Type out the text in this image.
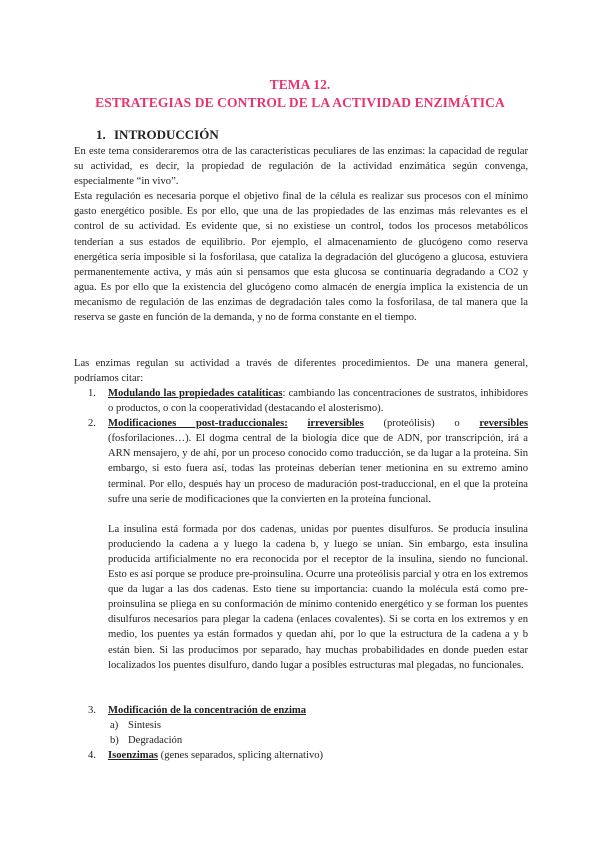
TEMA 12.
ESTRATEGIAS DE CONTROL DE LA ACTIVIDAD ENZIMÁTICA
1. INTRODUCCIÓN

En este tema consideraremos otra de las características peculiares de las enzimas: la capacidad de regular su actividad, es decir, la propiedad de regulación de la actividad enzimática según convenga, especialmente “in vivo”.

Esta regulación es necesaria porque el objetivo final de la célula es realizar sus procesos con el mínimo gasto energético posible. Es por ello, que una de las propiedades de las enzimas más relevantes es el control de su actividad. Es evidente que, si no existiese un control, todos los procesos metabólicos tenderían a sus estados de equilibrio. Por ejemplo, el almacenamiento de glucógeno como reserva energética sería imposible si la fosforilasa, que cataliza la degradación del glucógeno a glucosa, estuviera permanentemente activa, y más aún si pensamos que esta glucosa se continuaría degradando a CO2 y agua. Es por ello que la existencia del glucógeno como almacén de energía implica la existencia de un mecanismo de regulación de las enzimas de degradación tales como la fosforilasa, de tal manera que la reserva se gaste en función de la demanda, y no de forma constante en el tiempo.

Las enzimas regulan su actividad a través de diferentes procedimientos. De una manera general, podríamos citar:

1. Modulando las propiedades catalíticas: cambiando las concentraciones de sustratos, inhibidores o productos, o con la cooperatividad (destacando el alosterismo).
2. Modificaciones post-traduccionales: irreversibles (proteólisis) o reversibles (fosforilaciones…). El dogma central de la biología dice que de ADN, por transcripción, irá a ARN mensajero, y de ahí, por un proceso conocido como traducción, se da lugar a la proteína. Sin embargo, si esto fuera así, todas las proteínas deberían tener metionina en su extremo amino terminal. Por ello, después hay un proceso de maduración post-traduccional, en el que la proteína sufre una serie de modificaciones que la convierten en la proteína funcional.
La insulina está formada por dos cadenas, unidas por puentes disulfuros. Se producía insulina produciendo la cadena a y luego la cadena b, y luego se unían. Sin embargo, esta insulina producida artificialmente no era reconocida por el receptor de la insulina, siendo no funcional. Esto es así porque se produce pre-proinsulina. Ocurre una proteólisis parcial y otra en los extremos que da lugar a las dos cadenas. Esto tiene su importancia: cuando la molécula está como pre-proinsulina se pliega en su conformación de mínimo contenido energético y se forman los puentes disulfuros necesarios para plegar la cadena (enlaces covalentes). Si se corta en los extremos y en medio, los puentes ya están formados y quedan ahí, por lo que la estructura de la cadena a y b están bien. Si las producimos por separado, hay muchas probabilidades en donde pueden estar localizados los puentes disulfuro, dando lugar a posibles estructuras mal plegadas, no funcionales.
3. Modificación de la concentración de enzima
a) Síntesis
b) Degradación
4. Isoenzimas (genes separados, splicing alternativo)
